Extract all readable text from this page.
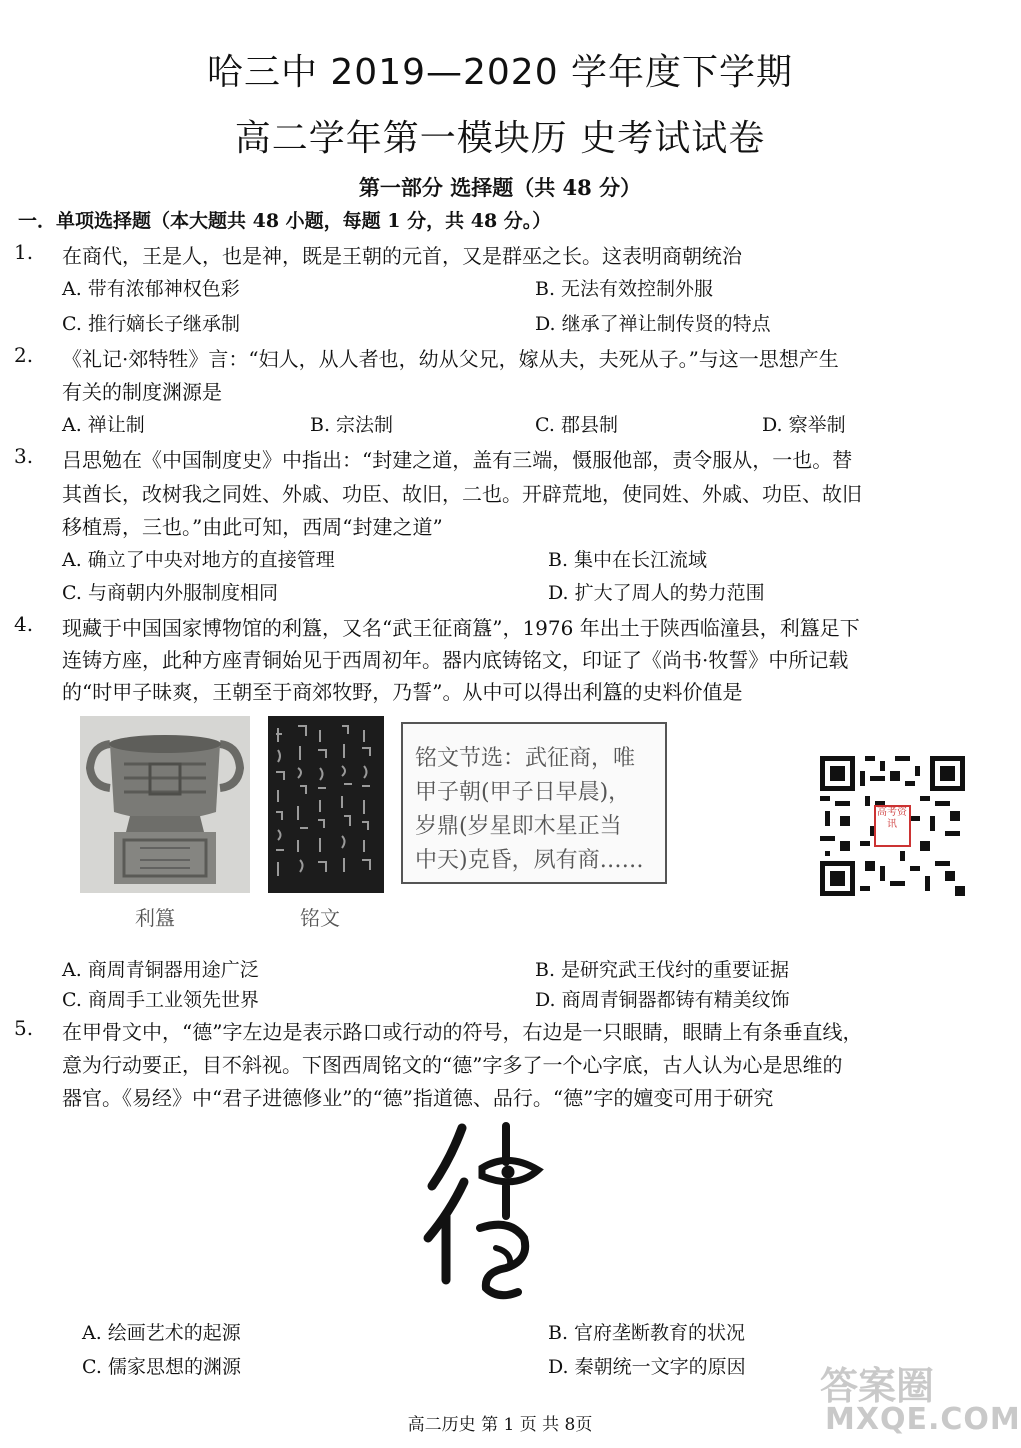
哈三中 2019—2020 学年度下学期
高二学年第一模块历 史考试试卷
第一部分 选择题（共 48 分）
一．单项选择题（本大题共 48 小题，每题 1 分，共 48 分。）
1. 在商代，王是人，也是神，既是王朝的元首，又是群巫之长。这表明商朝统治
A. 带有浓郁神权色彩	B. 无法有效控制外服
C. 推行嫡长子继承制	D. 继承了禅让制传贤的特点
2. 《礼记·郊特牲》言：“妇人，从人者也，幼从父兄，嫁从夫，夫死从子。”与这一思想产生
有关的制度渊源是
A. 禅让制	B. 宗法制	C. 郡县制	D. 察举制
3. 吕思勉在《中国制度史》中指出：“封建之道，盖有三端，慑服他部，责令服从，一也。替
其酋长，改树我之同姓、外戚、功臣、故旧，二也。开辟荒地，使同姓、外戚、功臣、故旧
移植焉，三也。”由此可知，西周“封建之道”
A. 确立了中央对地方的直接管理	B. 集中在长江流域
C. 与商朝内外服制度相同	D. 扩大了周人的势力范围
4. 现藏于中国国家博物馆的利簋，又名“武王征商簋”，1976 年出土于陕西临潼县，利簋足下
连铸方座，此种方座青铜始见于西周初年。器内底铸铭文，印证了《尚书·牧誓》中所记载
的“时甲子昧爽，王朝至于商郊牧野，乃誓”。从中可以得出利簋的史料价值是
利簋	铭文
铭文节选：武征商，唯
甲子朝(甲子日早晨)，
岁鼎(岁星即木星正当
中天)克昏，夙有商……
高考资讯
A. 商周青铜器用途广泛	B. 是研究武王伐纣的重要证据
C. 商周手工业领先世界	D. 商周青铜器都铸有精美纹饰
5. 在甲骨文中，“德”字左边是表示路口或行动的符号，右边是一只眼睛，眼睛上有条垂直线，
意为行动要正，目不斜视。下图西周铭文的“德”字多了一个心字底，古人认为心是思维的
器官。《易经》中“君子进德修业”的“德”指道德、品行。“德”字的嬗变可用于研究
A. 绘画艺术的起源	B. 官府垄断教育的状况
C. 儒家思想的渊源	D. 秦朝统一文字的原因
高二历史 第 1 页 共 8页
答案圈
MXQE.COM
